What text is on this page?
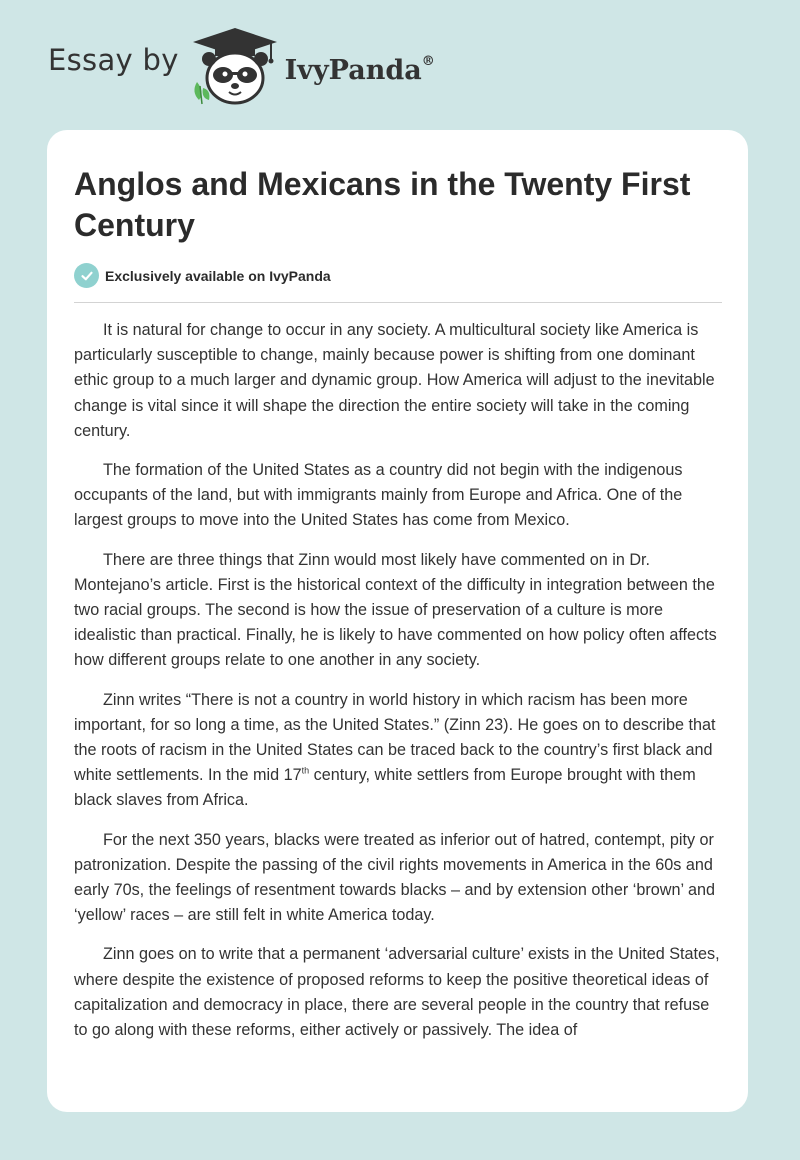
Essay by	IvyPanda®
Anglos and Mexicans in the Twenty First Century
Exclusively available on IvyPanda

It is natural for change to occur in any society. A multicultural society like America is particularly susceptible to change, mainly because power is shifting from one dominant ethic group to a much larger and dynamic group. How America will adjust to the inevitable change is vital since it will shape the direction the entire society will take in the coming century.

The formation of the United States as a country did not begin with the indigenous occupants of the land, but with immigrants mainly from Europe and Africa. One of the largest groups to move into the United States has come from Mexico.

There are three things that Zinn would most likely have commented on in Dr. Montejano’s article. First is the historical context of the difficulty in integration between the two racial groups. The second is how the issue of preservation of a culture is more idealistic than practical. Finally, he is likely to have commented on how policy often affects how different groups relate to one another in any society.

Zinn writes “There is not a country in world history in which racism has been more important, for so long a time, as the United States.” (Zinn 23). He goes on to describe that the roots of racism in the United States can be traced back to the country’s first black and white settlements. In the mid 17th century, white settlers from Europe brought with them black slaves from Africa.

For the next 350 years, blacks were treated as inferior out of hatred, contempt, pity or patronization. Despite the passing of the civil rights movements in America in the 60s and early 70s, the feelings of resentment towards blacks – and by extension other ‘brown’ and ‘yellow’ races – are still felt in white America today.

Zinn goes on to write that a permanent ‘adversarial culture’ exists in the United States, where despite the existence of proposed reforms to keep the positive theoretical ideas of capitalization and democracy in place, there are several people in the country that refuse to go along with these reforms, either actively or passively. The idea of
